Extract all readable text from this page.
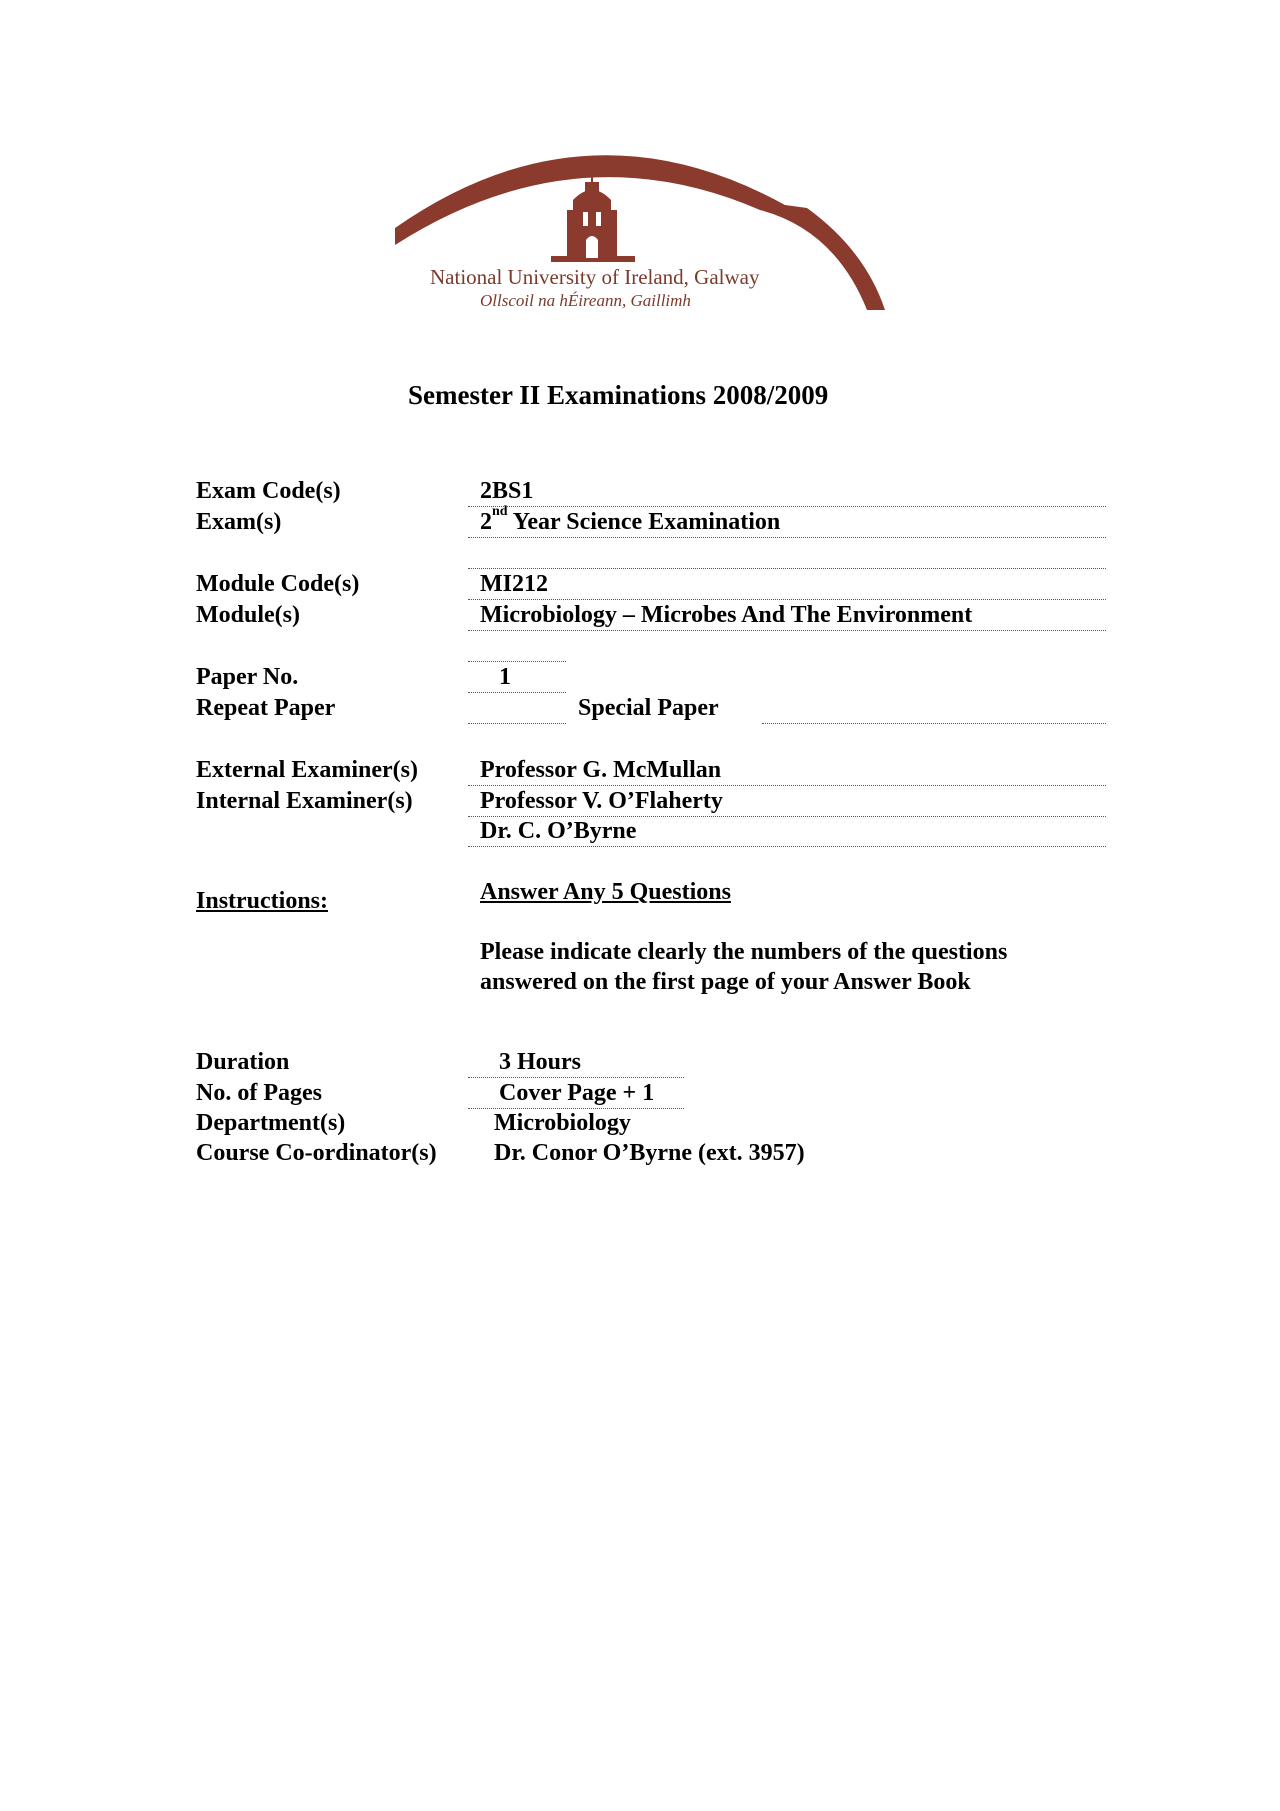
National University of Ireland, Galway
Ollscoil na hÉireann, Gaillimh
Semester II Examinations 2008/2009
Exam Code(s)	2BS1
Exam(s)	2nd Year Science Examination
Module Code(s)	MI212
Module(s)	Microbiology – Microbes And The Environment
Paper No.	1
Repeat Paper	Special Paper
External Examiner(s)	Professor G. McMullan
Internal Examiner(s)	Professor V. O’Flaherty
Dr. C. O’Byrne
Instructions:	Answer Any 5 Questions
Please indicate clearly the numbers of the questions
answered on the first page of your Answer Book
Duration	3 Hours
No. of Pages	Cover Page + 1
Department(s)	Microbiology
Course Co-ordinator(s) Dr. Conor O’Byrne (ext. 3957)
